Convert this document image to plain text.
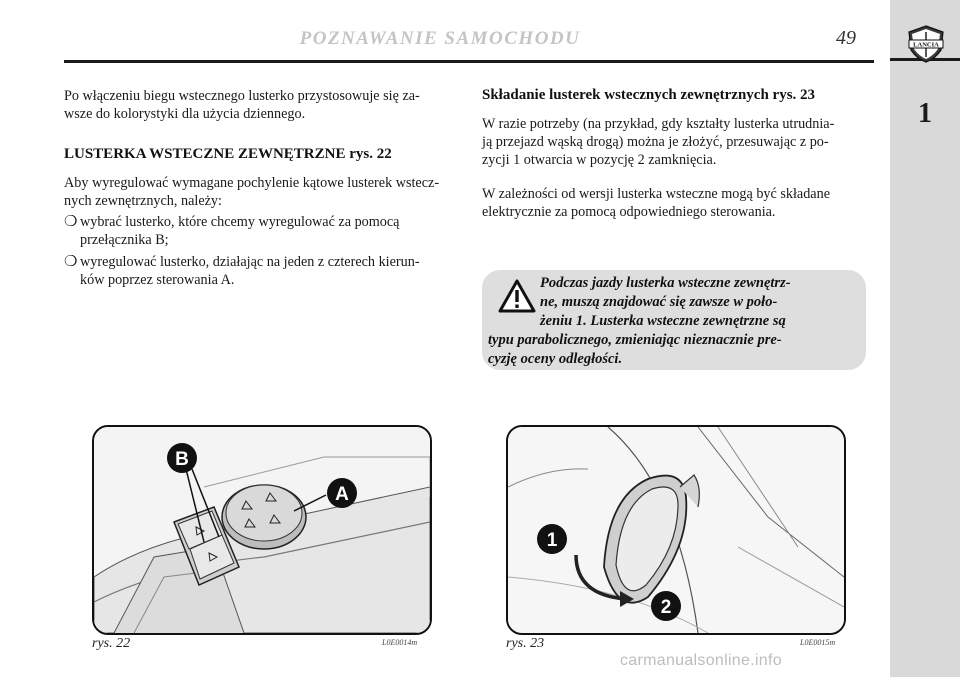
POZNAWANIE SAMOCHODU	49	LANCIA
1

Po włączeniu biegu wstecznego lusterko przystosowuje się za-

wsze do kolorystyki dla użycia dziennego.

LUSTERKA WSTECZNE ZEWNĘTRZNE rys. 22

Aby wyregulować wymagane pochylenie kątowe lusterek wstecz-

nych zewnętrznych, należy:

❍ wybrać lusterko, które chcemy wyregulować za pomocą
przełącznika B;
❍ wyregulować lusterko, działając na jeden z czterech kierun-
ków poprzez sterowania A.

Składanie lusterek wstecznych zewnętrznych rys. 23

W razie potrzeby (na przykład, gdy kształty lusterka utrudnia-

ją przejazd wąską drogą) można je złożyć, przesuwając z po-

zycji 1 otwarcia w pozycję 2 zamknięcia.

W zależności od wersji lusterka wsteczne mogą być składane

elektrycznie za pomocą odpowiedniego sterowania.

Podczas jazdy lusterka wsteczne zewnętrz-
ne, muszą znajdować się zawsze w poło-
żeniu 1. Lusterka wsteczne zewnętrzne są
typu parabolicznego, zmieniając nieznacznie pre-
cyzję oceny odległości.

B
A
rys. 22	L0E0014m
1
2
rys. 23	L0E0015m
carmanualsonline.info
